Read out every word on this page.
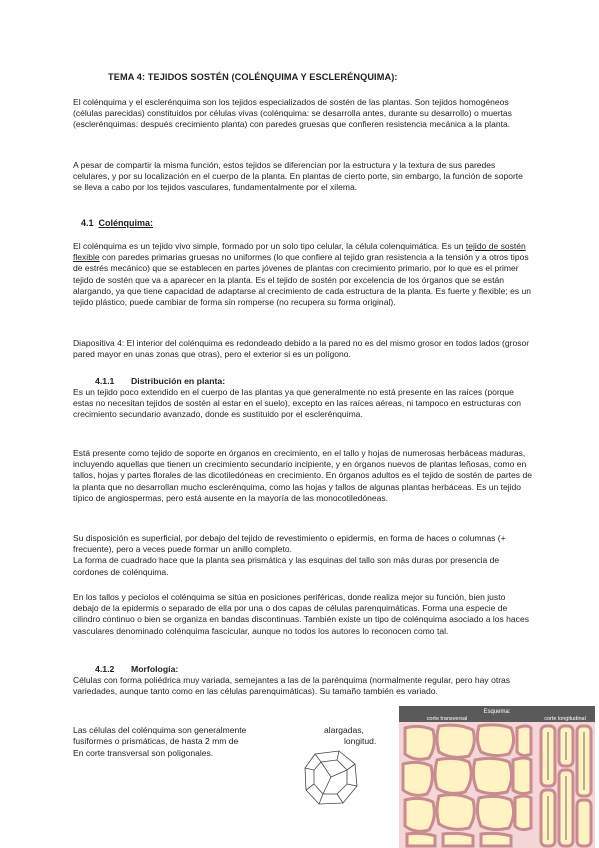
TEMA 4: TEJIDOS SOSTÉN (COLÉNQUIMA Y ESCLERÉNQUIMA):

El colénquima y el esclerénquima son los tejidos especializados de sostén de las plantas. Son tejidos homogéneos (células parecidas) constituidos por células vivas (colénquima: se desarrolla antes, durante su desarrollo) o muertas (esclerénquimas: después crecimiento planta) con paredes gruesas que confieren resistencia mecánica a la planta.

A pesar de compartir la misma función, estos tejidos se diferencian por la estructura y la textura de sus paredes celulares, y por su localización en el cuerpo de la planta. En plantas de cierto porte, sin embargo, la función de soporte se lleva a cabo por los tejidos vasculares, fundamentalmente por el xilema.

4.1 Colénquima:

El colénquima es un tejido vivo simple, formado por un solo tipo celular, la célula colenquimática. Es un tejido de sostén flexible con paredes primarias gruesas no uniformes (lo que confiere al tejido gran resistencia a la tensión y a otros tipos de estrés mecánico) que se establecen en partes jóvenes de plantas con crecimiento primario, por lo que es el primer tejido de sostén que va a aparecer en la planta. Es el tejido de sostén por excelencia de los órganos que se están alargando, ya que tiene capacidad de adaptarse al crecimiento de cada estructura de la planta. Es fuerte y flexible; es un tejido plástico, puede cambiar de forma sin romperse (no recupera su forma original).

Diapositiva 4: El interior del colénquima es redondeado debido a la pared no es del mismo grosor en todos lados (grosor pared mayor en unas zonas que otras), pero el exterior si es un polígono.

4.1.1 Distribución en planta:

Es un tejido poco extendido en el cuerpo de las plantas ya que generalmente no está presente en las raíces (porque estas no necesitan tejidos de sostén al estar en el suelo), excepto en las raíces aéreas, ni tampoco en estructuras con crecimiento secundario avanzado, donde es sustituido por el esclerénquima.

Está presente como tejido de soporte en órganos en crecimiento, en el tallo y hojas de numerosas herbáceas maduras, incluyendo aquellas que tienen un crecimiento secundario incipiente, y en órganos nuevos de plantas leñosas, como en tallos, hojas y partes florales de las dicotiledóneas en crecimiento. En órganos adultos es el tejido de sostén de partes de la planta que no desarrollan mucho esclerénquima, como las hojas y tallos de algunas plantas herbáceas. Es un tejido típico de angiospermas, pero está ausente en la mayoría de las monocotiledóneas.

Su disposición es superficial, por debajo del tejido de revestimiento o epidermis, en forma de haces o columnas (+ frecuente), pero a veces puede formar un anillo completo.

La forma de cuadrado hace que la planta sea prismática y las esquinas del tallo son más duras por presencia de cordones de colénquima.

En los tallos y peciolos el colénquima se sitúa en posiciones periféricas, donde realiza mejor su función, bien justo debajo de la epidermis o separado de ella por una o dos capas de células parenquimáticas. Forma una especie de cilindro continuo o bien se organiza en bandas discontinuas. También existe un tipo de colénquima asociado a los haces vasculares denominado colénquima fascicular, aunque no todos los autores lo reconocen como tal.

4.1.2 Morfología:

Células con forma poliédrica muy variada, semejantes a las de la parénquima (normalmente regular, pero hay otras variedades, aunque tanto como en las células parenquimáticas). Su tamaño también es variado.

Las células del colénquima son generalmente	alargadas,
fusiformes o prismáticas, de hasta 2 mm de	longitud.
En corte transversal son poligonales.
Esquema:
corte transversal	corte longitudinal
